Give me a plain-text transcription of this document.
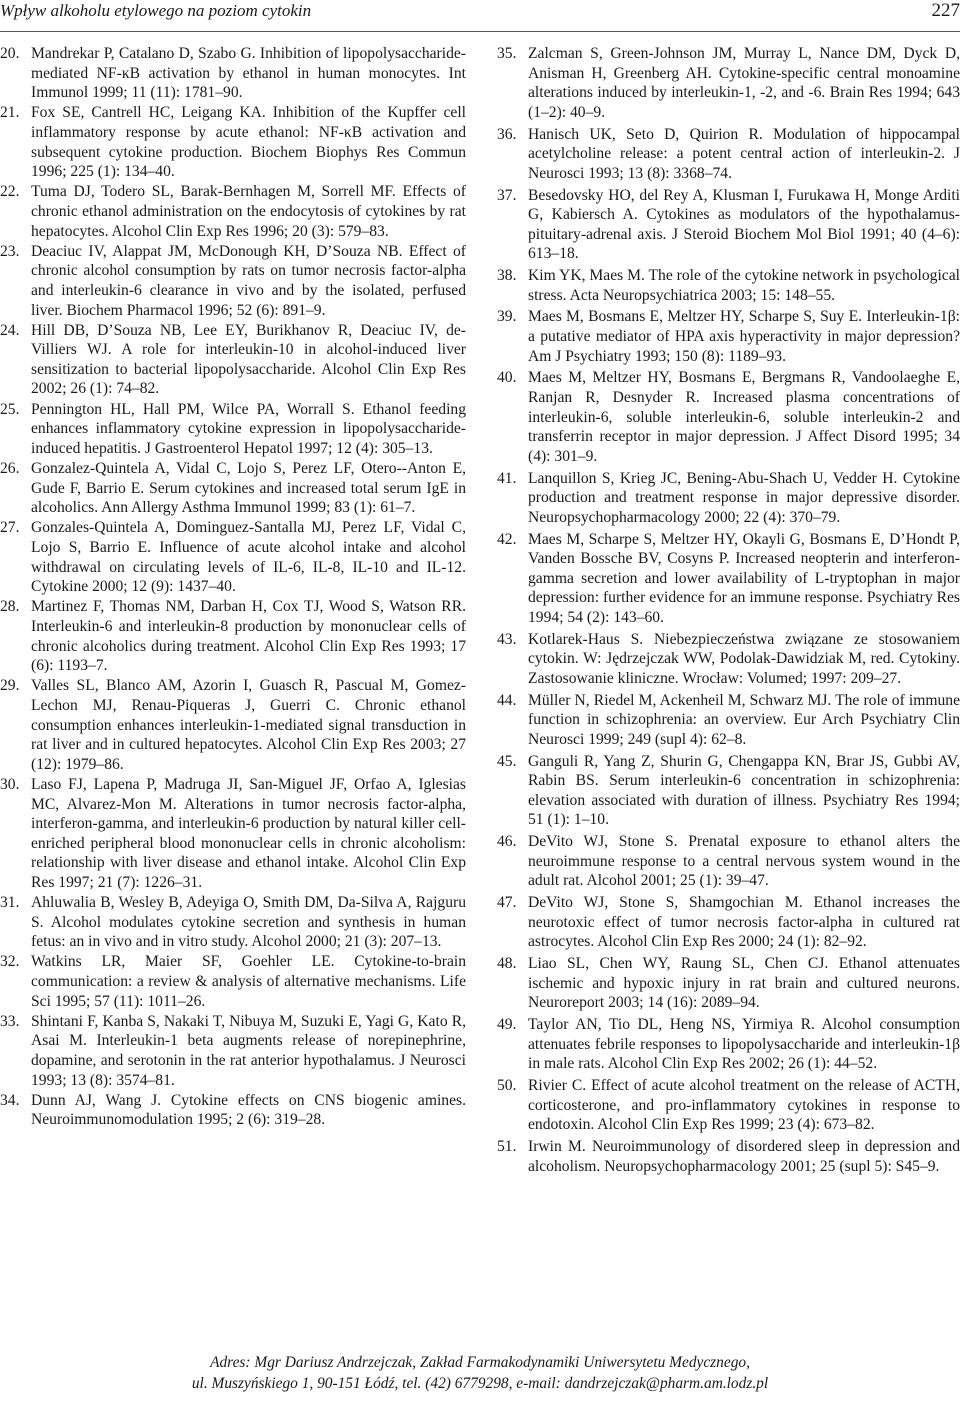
Wpływ alkoholu etylowego na poziom cytokin	227
20. Mandrekar P, Catalano D, Szabo G. Inhibition of lipopolysaccharide-mediated NF-ĸB activation by ethanol in human monocytes. Int Immunol 1999; 11 (11): 1781–90.
21. Fox SE, Cantrell HC, Leigang KA. Inhibition of the Kupffer cell inflammatory response by acute ethanol: NF-κB activation and subsequent cytokine production. Biochem Biophys Res Commun 1996; 225 (1): 134–40.
22. Tuma DJ, Todero SL, Barak-Bernhagen M, Sorrell MF. Effects of chronic ethanol administration on the endocytosis of cytokines by rat hepatocytes. Alcohol Clin Exp Res 1996; 20 (3): 579–83.
23. Deaciuc IV, Alappat JM, McDonough KH, D’Souza NB. Effect of chronic alcohol consumption by rats on tumor necrosis factor-alpha and interleukin-6 clearance in vivo and by the isolated, perfused liver. Biochem Pharmacol 1996; 52 (6): 891–9.
24. Hill DB, D’Souza NB, Lee EY, Burikhanov R, Deaciuc IV, de-Villiers WJ. A role for interleukin-10 in alcohol-induced liver sensitization to bacterial lipopolysaccharide. Alcohol Clin Exp Res 2002; 26 (1): 74–82.
25. Pennington HL, Hall PM, Wilce PA, Worrall S. Ethanol feeding enhances inflammatory cytokine expression in lipopolysaccharide-induced hepatitis. J Gastroenterol Hepatol 1997; 12 (4): 305–13.
26. Gonzalez-Quintela A, Vidal C, Lojo S, Perez LF, Otero--Anton E, Gude F, Barrio E. Serum cytokines and increased total serum IgE in alcoholics. Ann Allergy Asthma Immunol 1999; 83 (1): 61–7.
27. Gonzales-Quintela A, Dominguez-Santalla MJ, Perez LF, Vidal C, Lojo S, Barrio E. Influence of acute alcohol intake and alcohol withdrawal on circulating levels of IL-6, IL-8, IL-10 and IL-12. Cytokine 2000; 12 (9): 1437–40.
28. Martinez F, Thomas NM, Darban H, Cox TJ, Wood S, Watson RR. Interleukin-6 and interleukin-8 production by mononuclear cells of chronic alcoholics during treatment. Alcohol Clin Exp Res 1993; 17 (6): 1193–7.
29. Valles SL, Blanco AM, Azorin I, Guasch R, Pascual M, Gomez-Lechon MJ, Renau-Piqueras J, Guerri C. Chronic ethanol consumption enhances interleukin-1-mediated signal transduction in rat liver and in cultured hepatocytes. Alcohol Clin Exp Res 2003; 27 (12): 1979–86.
30. Laso FJ, Lapena P, Madruga JI, San-Miguel JF, Orfao A, Iglesias MC, Alvarez-Mon M. Alterations in tumor necrosis factor-alpha, interferon-gamma, and interleukin-6 production by natural killer cell-enriched peripheral blood mononuclear cells in chronic alcoholism: relationship with liver disease and ethanol intake. Alcohol Clin Exp Res 1997; 21 (7): 1226–31.
31. Ahluwalia B, Wesley B, Adeyiga O, Smith DM, Da-Silva A, Rajguru S. Alcohol modulates cytokine secretion and synthesis in human fetus: an in vivo and in vitro study. Alcohol 2000; 21 (3): 207–13.
32. Watkins LR, Maier SF, Goehler LE. Cytokine-to-brain communication: a review & analysis of alternative mechanisms. Life Sci 1995; 57 (11): 1011–26.
33. Shintani F, Kanba S, Nakaki T, Nibuya M, Suzuki E, Yagi G, Kato R, Asai M. Interleukin-1 beta augments release of norepinephrine, dopamine, and serotonin in the rat anterior hypothalamus. J Neurosci 1993; 13 (8): 3574–81.
34. Dunn AJ, Wang J. Cytokine effects on CNS biogenic amines. Neuroimmunomodulation 1995; 2 (6): 319–28.
35. Zalcman S, Green-Johnson JM, Murray L, Nance DM, Dyck D, Anisman H, Greenberg AH. Cytokine-specific central monoamine alterations induced by interleukin-1, -2, and -6. Brain Res 1994; 643 (1–2): 40–9.
36. Hanisch UK, Seto D, Quirion R. Modulation of hippocampal acetylcholine release: a potent central action of interleukin-2. J Neurosci 1993; 13 (8): 3368–74.
37. Besedovsky HO, del Rey A, Klusman I, Furukawa H, Monge Arditi G, Kabiersch A. Cytokines as modulators of the hypothalamus-pituitary-adrenal axis. J Steroid Biochem Mol Biol 1991; 40 (4–6): 613–18.
38. Kim YK, Maes M. The role of the cytokine network in psychological stress. Acta Neuropsychiatrica 2003; 15: 148–55.
39. Maes M, Bosmans E, Meltzer HY, Scharpe S, Suy E. Interleukin-1β: a putative mediator of HPA axis hyperactivity in major depression? Am J Psychiatry 1993; 150 (8): 1189–93.
40. Maes M, Meltzer HY, Bosmans E, Bergmans R, Vandoolaeghe E, Ranjan R, Desnyder R. Increased plasma concentrations of interleukin-6, soluble interleukin-6, soluble interleukin-2 and transferrin receptor in major depression. J Affect Disord 1995; 34 (4): 301–9.
41. Lanquillon S, Krieg JC, Bening-Abu-Shach U, Vedder H. Cytokine production and treatment response in major depressive disorder. Neuropsychopharmacology 2000; 22 (4): 370–79.
42. Maes M, Scharpe S, Meltzer HY, Okayli G, Bosmans E, D’Hondt P, Vanden Bossche BV, Cosyns P. Increased neopterin and interferon-gamma secretion and lower availability of L-tryptophan in major depression: further evidence for an immune response. Psychiatry Res 1994; 54 (2): 143–60.
43. Kotlarek-Haus S. Niebezpieczeństwa związane ze stosowaniem cytokin. W: Jędrzejczak WW, Podolak-Dawidziak M, red. Cytokiny. Zastosowanie kliniczne. Wrocław: Volumed; 1997: 209–27.
44. Müller N, Riedel M, Ackenheil M, Schwarz MJ. The role of immune function in schizophrenia: an overview. Eur Arch Psychiatry Clin Neurosci 1999; 249 (supl 4): 62–8.
45. Ganguli R, Yang Z, Shurin G, Chengappa KN, Brar JS, Gubbi AV, Rabin BS. Serum interleukin-6 concentration in schizophrenia: elevation associated with duration of illness. Psychiatry Res 1994; 51 (1): 1–10.
46. DeVito WJ, Stone S. Prenatal exposure to ethanol alters the neuroimmune response to a central nervous system wound in the adult rat. Alcohol 2001; 25 (1): 39–47.
47. DeVito WJ, Stone S, Shamgochian M. Ethanol increases the neurotoxic effect of tumor necrosis factor-alpha in cultured rat astrocytes. Alcohol Clin Exp Res 2000; 24 (1): 82–92.
48. Liao SL, Chen WY, Raung SL, Chen CJ. Ethanol attenuates ischemic and hypoxic injury in rat brain and cultured neurons. Neuroreport 2003; 14 (16): 2089–94.
49. Taylor AN, Tio DL, Heng NS, Yirmiya R. Alcohol consumption attenuates febrile responses to lipopolysaccharide and interleukin-1β in male rats. Alcohol Clin Exp Res 2002; 26 (1): 44–52.
50. Rivier C. Effect of acute alcohol treatment on the release of ACTH, corticosterone, and pro-inflammatory cytokines in response to endotoxin. Alcohol Clin Exp Res 1999; 23 (4): 673–82.
51. Irwin M. Neuroimmunology of disordered sleep in depression and alcoholism. Neuropsychopharmacology 2001; 25 (supl 5): S45–9.
Adres: Mgr Dariusz Andrzejczak, Zakład Farmakodynamiki Uniwersytetu Medycznego,
ul. Muszyńskiego 1, 90-151 Łódź, tel. (42) 6779298, e-mail: dandrzejczak@pharm.am.lodz.pl
